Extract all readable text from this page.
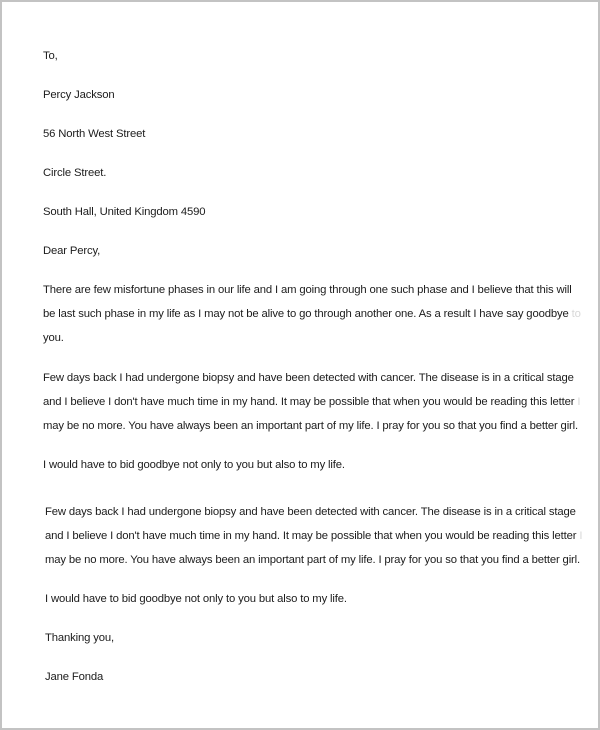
To,
Percy Jackson
56 North West Street
Circle Street.
South Hall, United Kingdom 4590
Dear Percy,
There are few misfortune phases in our life and I am going through one such phase and I believe that this will
be last such phase in my life as I may not be alive to go through another one. As a result I have say goodbye to
you.
Few days back I had undergone biopsy and have been detected with cancer. The disease is in a critical stage
and I believe I don't have much time in my hand. It may be possible that when you would be reading this letter I
may be no more. You have always been an important part of my life. I pray for you so that you find a better girl.
I would have to bid goodbye not only to you but also to my life.
Few days back I had undergone biopsy and have been detected with cancer. The disease is in a critical stage
and I believe I don't have much time in my hand. It may be possible that when you would be reading this letter I
may be no more. You have always been an important part of my life. I pray for you so that you find a better girl.
I would have to bid goodbye not only to you but also to my life.
Thanking you,
Jane Fonda
